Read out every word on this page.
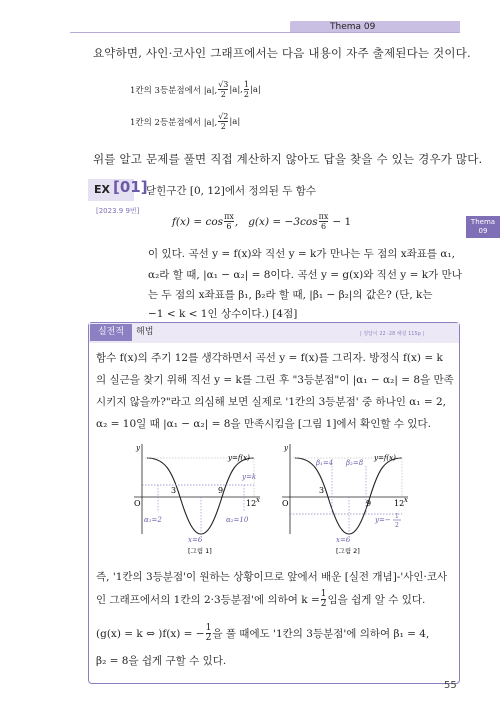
Thema 09
Thema
09
요약하면, 사인·코사인 그래프에서는 다음 내용이 자주 출제된다는 것이다.
1칸의 3등분점에서 |a|, $\frac{√3}{2} |a|$, $\frac{1}{2} |a|$
1칸의 2등분점에서 |a|, $\frac{√2}{2} |a|$
위를 알고 문제를 풀면 직접 계산하지 않아도 답을 찾을 수 있는 경우가 많다.
EX [01]
닫힌구간 [0, 12]에서 정의된 두 함수
[2023.9 9번]
$f(x) = \cos \frac{\pi x}{6}$ ,   $g(x) = -3\cos \frac{\pi x}{6} - 1$
이 있다. 곡선 y = f(x)와 직선 y = k가 만나는 두 점의 x좌표를 α₁,
α₂라 할 때, |α₁ − α₂| = 8이다. 곡선 y = g(x)와 직선 y = k가 만나
는 두 점의 x좌표를 β₁, β₂라 할 때, |β₁ − β₂|의 값은? (단, k는
−1 < k < 1인 상수이다.) [4점]
실전적	해법	| 정답이 22 ·28 해설 115p |
함수 f(x)의 주기 12를 생각하면서 곡선 y = f(x)를 그리자. 방정식 f(x) = k
의 실근을 찾기 위해 직선 y = k를 그린 후 "3등분점"이 |α₁ − α₂| = 8을 만족
시키지 않을까?"라고 의심해 보면 실제로 '1칸의 3등분점' 중 하나인 α₁ = 2,
α₂ = 10일 때 |α₁ − α₂| = 8을 만족시킴을 [그림 1]에서 확인할 수 있다.
y
x
O
y=f(x)
y=k
3	9
12
α₁=2	α₂=10
x=6
[그림 1]
y
x
O
y=f(x)
β₁=4 β₂=8
3
9	12
y=− 1
2
x=6
[그림 2]
즉, '1칸의 3등분점'이 원하는 상황이므로 앞에서 배운 [실전 개념]-'사인·코사
인 그래프에서의 1칸의 2·3등분점'에 의하여 $k = \frac{1}{2}$ 임을 쉽게 알 수 있다.
(g(x) = k ⇔ )f(x) = − $\frac{1}{2}$ 을 풀 때에도 '1칸의 3등분점'에 의하여 β₁ = 4,
β₂ = 8을 쉽게 구할 수 있다.
55
